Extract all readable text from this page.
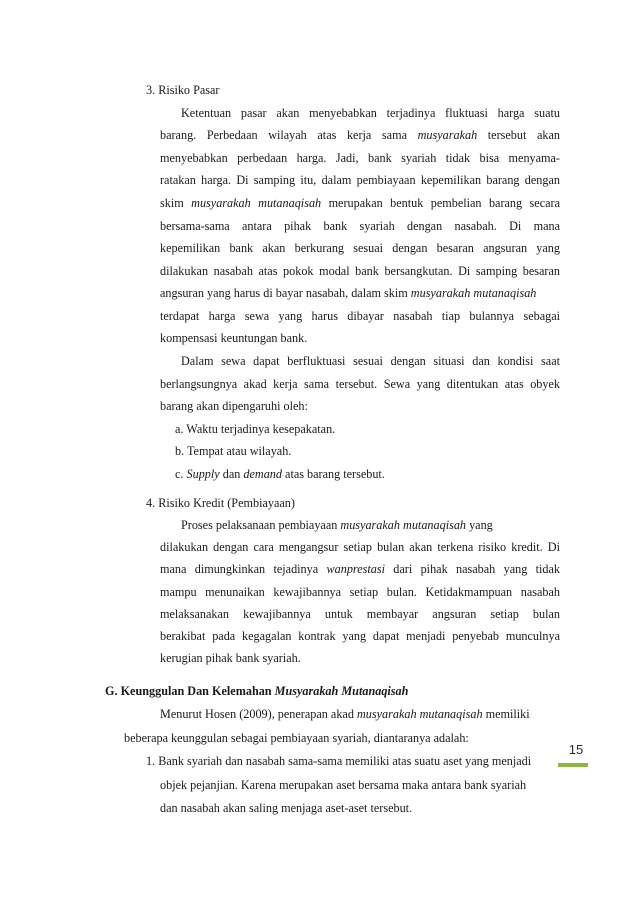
3. Risiko Pasar
Ketentuan pasar akan menyebabkan terjadinya fluktuasi harga suatu
barang. Perbedaan wilayah atas kerja sama musyarakah tersebut akan
menyebabkan perbedaan harga. Jadi, bank syariah tidak bisa menyama-
ratakan harga. Di samping itu, dalam pembiayaan kepemilikan barang dengan
skim musyarakah mutanaqisah merupakan bentuk pembelian barang secara
bersama-sama antara pihak bank syariah dengan nasabah. Di mana
kepemilikan bank akan berkurang sesuai dengan besaran angsuran yang
dilakukan nasabah atas pokok modal bank bersangkutan. Di samping besaran
angsuran yang harus di bayar nasabah, dalam skim musyarakah mutanaqisah
terdapat harga sewa yang harus dibayar nasabah tiap bulannya sebagai
kompensasi keuntungan bank.
Dalam sewa dapat berfluktuasi sesuai dengan situasi dan kondisi saat
berlangsungnya akad kerja sama tersebut. Sewa yang ditentukan atas obyek
barang akan dipengaruhi oleh:
a. Waktu terjadinya kesepakatan.
b. Tempat atau wilayah.
c. Supply dan demand atas barang tersebut.
4. Risiko Kredit (Pembiayaan)
Proses pelaksanaan pembiayaan musyarakah mutanaqisah yang
dilakukan dengan cara mengangsur setiap bulan akan terkena risiko kredit. Di
mana dimungkinkan tejadinya wanprestasi dari pihak nasabah yang tidak
mampu menunaikan kewajibannya setiap bulan. Ketidakmampuan nasabah
melaksanakan kewajibannya untuk membayar angsuran setiap bulan
berakibat pada kegagalan kontrak yang dapat menjadi penyebab munculnya
kerugian pihak bank syariah.
G. Keunggulan Dan Kelemahan Musyarakah Mutanaqisah
Menurut Hosen (2009), penerapan akad musyarakah mutanaqisah memiliki
beberapa keunggulan sebagai pembiayaan syariah, diantaranya adalah:
1. Bank syariah dan nasabah sama-sama memiliki atas suatu aset yang menjadi
objek pejanjian. Karena merupakan aset bersama maka antara bank syariah
dan nasabah akan saling menjaga aset-aset tersebut.
15
